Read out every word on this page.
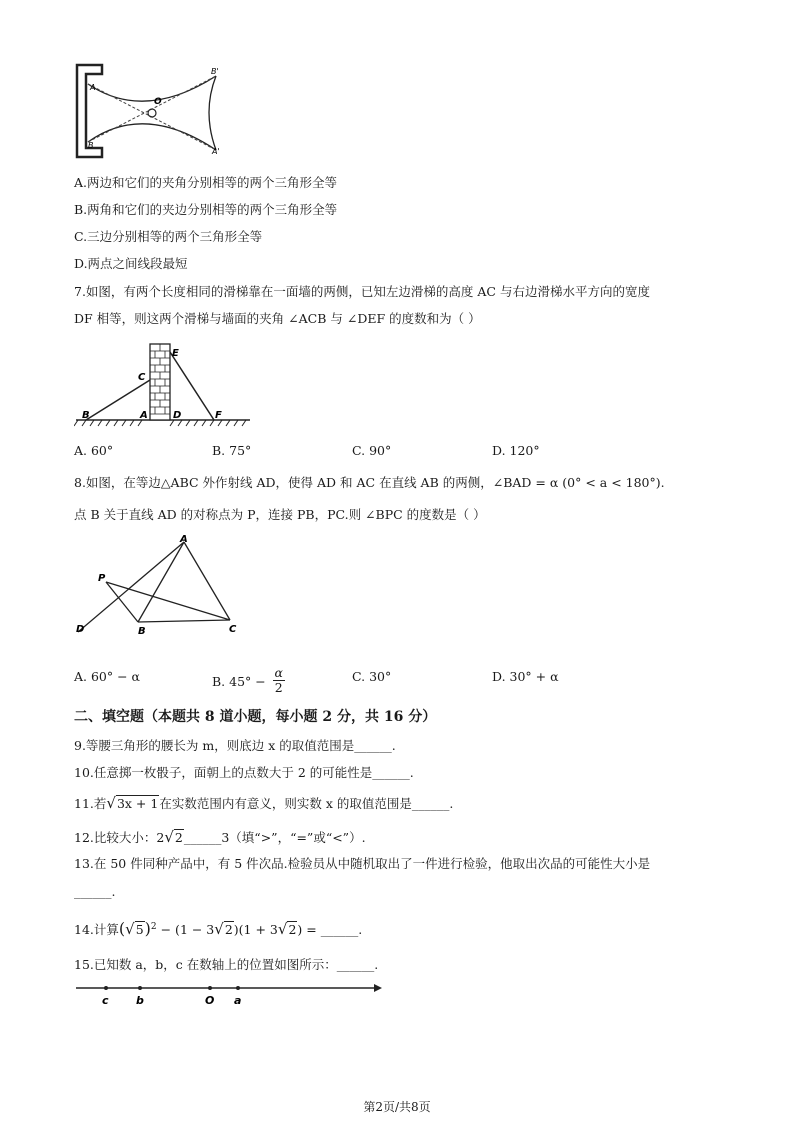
A
O
B'
B
A'
A.两边和它们的夹角分别相等的两个三角形全等
B.两角和它们的夹边分别相等的两个三角形全等
C.三边分别相等的两个三角形全等
D.两点之间线段最短
7.如图，有两个长度相同的滑梯靠在一面墙的两侧，已知左边滑梯的高度 AC 与右边滑梯水平方向的宽度
DF 相等，则这两个滑梯与墙面的夹角 ∠ACB 与 ∠DEF 的度数和为（ ）
E
C
B	A	D	F
A. 60°	B. 75°	C. 90°	D. 120°
8.如图，在等边△ABC 外作射线 AD，使得 AD 和 AC 在直线 AB 的两侧，∠BAD = α (0° < a < 180°).
点 B 关于直线 AD 的对称点为 P，连接 PB，PC.则 ∠BPC 的度数是（ ）
A
P
D	B	C
A. 60° − α	B. $45^\circ - \frac{\alpha}{2}$	C. 30°	D. 30° + α
二、填空题（本题共 8 道小题，每小题 2 分，共 16 分）
9.等腰三角形的腰长为 m，则底边 x 的取值范围是______.
10.任意掷一枚骰子，面朝上的点数大于 2 的可能性是______.
11.若√3x + 1在实数范围内有意义，则实数 x 的取值范围是______.
12.比较大小：2√2______3（填“>”，“=”或“<”）.
13.在 50 件同种产品中，有 5 件次品.检验员从中随机取出了一件进行检验，他取出次品的可能性大小是
______.
14.计算$(√5)^2 - (1 - 3√2)(1 + 3√2)$ = ______.
15.已知数 a，b，c 在数轴上的位置如图所示：______.
c b	O a
第2页/共8页
